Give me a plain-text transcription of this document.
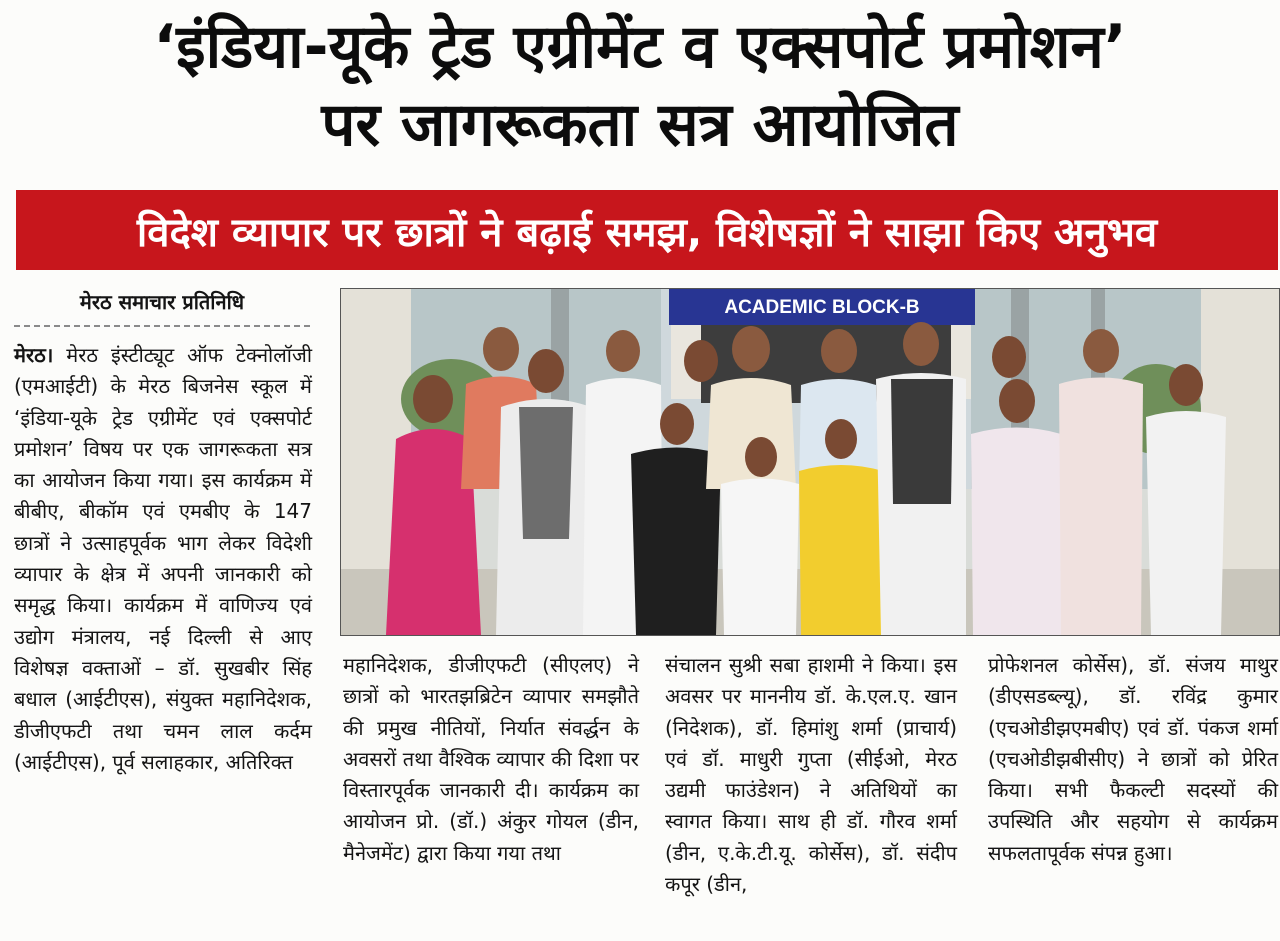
‘इंडिया-यूके ट्रेड एग्रीमेंट व एक्सपोर्ट प्रमोशन’
पर जागरूकता सत्र आयोजित
विदेश व्यापार पर छात्रों ने बढ़ाई समझ, विशेषज्ञों ने साझा किए अनुभव
मेरठ समाचार प्रतिनिधि
मेरठ। मेरठ इंस्टीट्यूट ऑफ टेक्नोलॉजी (एमआईटी) के मेरठ बिजनेस स्कूल में ‘इंडिया-यूके ट्रेड एग्रीमेंट एवं एक्सपोर्ट प्रमोशन’ विषय पर एक जागरूकता सत्र का आयोजन किया गया। इस कार्यक्रम में बीबीए, बीकॉम एवं एमबीए के 147 छात्रों ने उत्साहपूर्वक भाग लेकर विदेशी व्यापार के क्षेत्र में अपनी जानकारी को समृद्ध किया। कार्यक्रम में वाणिज्य एवं उद्योग मंत्रालय, नई दिल्ली से आए विशेषज्ञ वक्ताओं – डॉ. सुखबीर सिंह बधाल (आईटीएस), संयुक्त महानिदेशक, डीजीएफटी तथा चमन लाल कर्दम (आईटीएस), पूर्व सलाहकार, अतिरिक्त
ACADEMIC BLOCK-B
महानिदेशक, डीजीएफटी (सीएलए) ने छात्रों को भारतझब्रिटेन व्यापार समझौते की प्रमुख नीतियों, निर्यात संवर्द्धन के अवसरों तथा वैश्विक व्यापार की दिशा पर विस्तारपूर्वक जानकारी दी। कार्यक्रम का आयोजन प्रो. (डॉ.) अंकुर गोयल (डीन, मैनेजमेंट) द्वारा किया गया तथा
संचालन सुश्री सबा हाशमी ने किया। इस अवसर पर माननीय डॉ. के.एल.ए. खान (निदेशक), डॉ. हिमांशु शर्मा (प्राचार्य) एवं डॉ. माधुरी गुप्ता (सीईओ, मेरठ उद्यमी फाउंडेशन) ने अतिथियों का स्वागत किया। साथ ही डॉ. गौरव शर्मा (डीन, ए.के.टी.यू. कोर्सेस), डॉ. संदीप कपूर (डीन,
प्रोफेशनल कोर्सेस), डॉ. संजय माथुर (डीएसडब्ल्यू), डॉ. रविंद्र कुमार (एचओडीझएमबीए) एवं डॉ. पंकज शर्मा (एचओडीझबीसीए) ने छात्रों को प्रेरित किया। सभी फैकल्टी सदस्यों की उपस्थिति और सहयोग से कार्यक्रम सफलतापूर्वक संपन्न हुआ।
